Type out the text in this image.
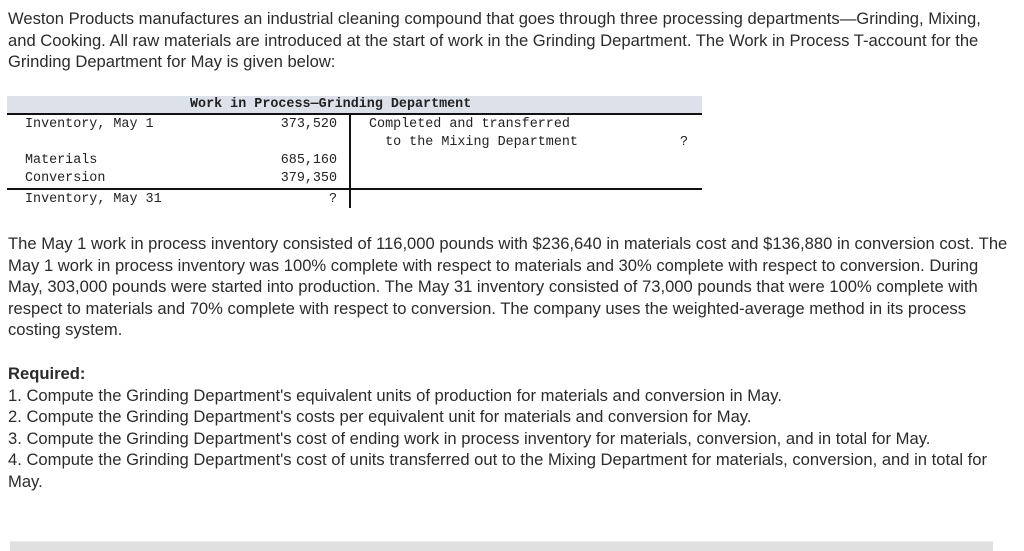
Weston Products manufactures an industrial cleaning compound that goes through three processing departments—Grinding, Mixing, and Cooking. All raw materials are introduced at the start of work in the Grinding Department. The Work in Process T-account for the Grinding Department for May is given below:

Work in Process—Grinding Department
Inventory, May 1	373,520
Materials	685,160
Conversion	379,350
Inventory, May 31	?
Completed and transferred
to the Mixing Department	?

The May 1 work in process inventory consisted of 116,000 pounds with $236,640 in materials cost and $136,880 in conversion cost. The May 1 work in process inventory was 100% complete with respect to materials and 30% complete with respect to conversion. During May, 303,000 pounds were started into production. The May 31 inventory consisted of 73,000 pounds that were 100% complete with respect to materials and 70% complete with respect to conversion. The company uses the weighted-average method in its process costing system.

Required:
1. Compute the Grinding Department's equivalent units of production for materials and conversion in May.
2. Compute the Grinding Department's costs per equivalent unit for materials and conversion for May.
3. Compute the Grinding Department's cost of ending work in process inventory for materials, conversion, and in total for May.
4. Compute the Grinding Department's cost of units transferred out to the Mixing Department for materials, conversion, and in total for May.
